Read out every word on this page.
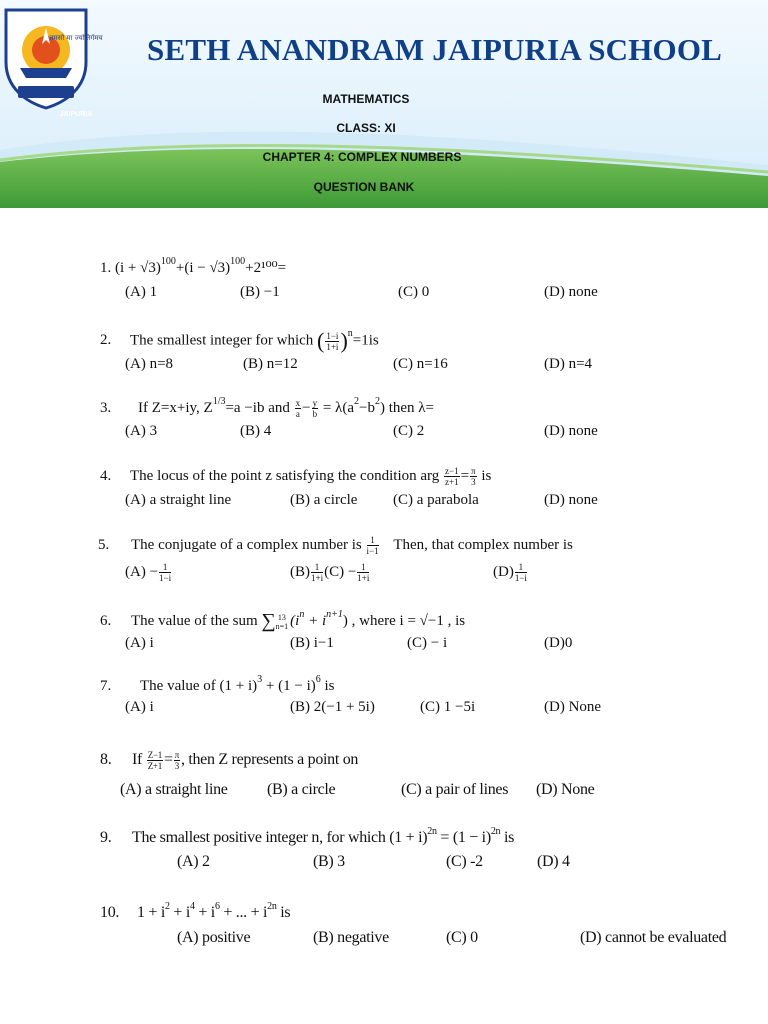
तमसो मा ज्योतिर्गमय
JAIPURIA
SETH ANANDRAM JAIPURIA SCHOOL
MATHEMATICS
CLASS: XI
CHAPTER 4: COMPLEX NUMBERS
QUESTION BANK
1. $(i + √3)^{100}+(i - √3)^{100}+2^{100}=$
(A) 1	(B) −1	(C) 0	(D) none
2. The smallest integer for which ( $\frac{1-i}{1+i} )^n=1is$
(A) n=8	(B) n=12	(C) n=16	(D) n=4
3. If Z=x+iy, $Z^{1/3}=a -ib$ and $\frac{x}{a} - \frac{y}{b} = \lambda(a^2-b^2)$ then λ=
(A) 3	(B) 4	(C) 2	(D) none
4. The locus of the point z satisfying the condition arg $\frac{z-1}{z+1} = \frac{\pi}{3}$ is
(A) a straight line	(B) a circle (C) a parabola	(D) none
5. The conjugate of a complex number is $\frac{1}{i-1}$ Then, that complex number is
$(A) - \frac{1}{1-i}$	$(B) \frac{1}{1+i} (C) - \frac{1}{1+i}$	$(D) \frac{1}{1-i}$
6. The value of the sum ∑ 13
n=1 $(i^n + i^{n+1})$ , where i = √−1 , is
(A) i	(B) i−1	(C) − i	(D)0
7. The value of $(1 + i)^3 + (1 - i)^6$ is
(A) i	(B) 2(−1 + 5i)	(C) 1 −5i	(D) None
8. If $\frac{Z-1}{Z+1} = \frac{\pi}{3}$ , then Z represents a point on
(A) a straight line (B) a circle	(C) a pair of lines (D) None
9. The smallest positive integer n, for which $(1 + i)^{2n} = (1 - i)^{2n}$ is
(A) 2	(B) 3	(C) -2	(D) 4
10. $1 + i^2 + i^4 + i^6$ + ... + $i^{2n}$ is
(A) positive	(B) negative	(C) 0	(D) cannot be evaluated
